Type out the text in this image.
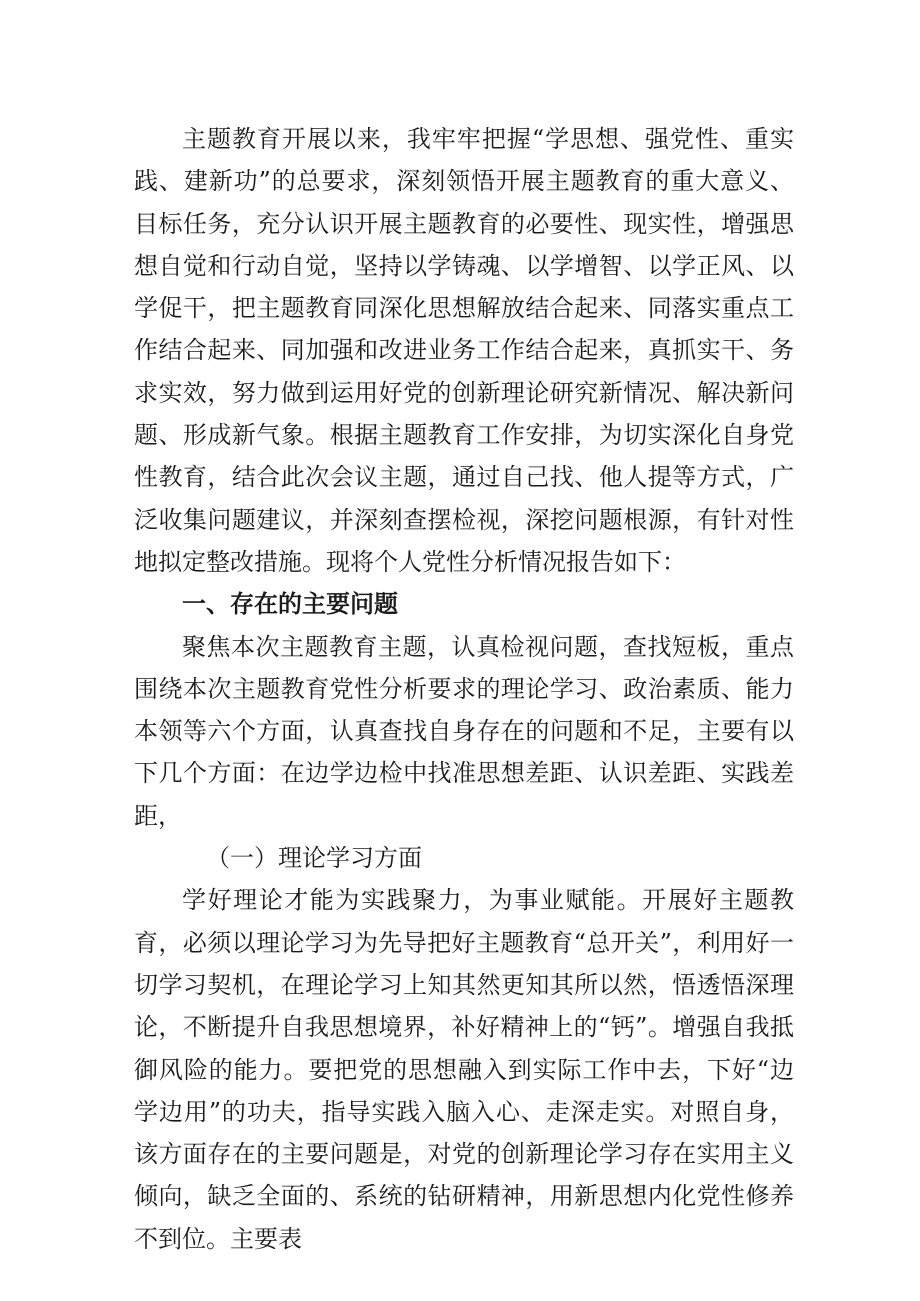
主题教育开展以来，我牢牢把握“学思想、强党性、重实践、建新功”的总要求，深刻领悟开展主题教育的重大意义、目标任务，充分认识开展主题教育的必要性、现实性，增强思想自觉和行动自觉，坚持以学铸魂、以学增智、以学正风、以学促干，把主题教育同深化思想解放结合起来、同落实重点工作结合起来、同加强和改进业务工作结合起来，真抓实干、务求实效，努力做到运用好党的创新理论研究新情况、解决新问题、形成新气象。根据主题教育工作安排，为切实深化自身党性教育，结合此次会议主题，通过自己找、他人提等方式，广泛收集问题建议，并深刻查摆检视，深挖问题根源，有针对性地拟定整改措施。现将个人党性分析情况报告如下：

一、存在的主要问题

聚焦本次主题教育主题，认真检视问题，查找短板，重点围绕本次主题教育党性分析要求的理论学习、政治素质、能力本领等六个方面，认真查找自身存在的问题和不足，主要有以下几个方面：在边学边检中找准思想差距、认识差距、实践差距，

（一）理论学习方面

学好理论才能为实践聚力，为事业赋能。开展好主题教育，必须以理论学习为先导把好主题教育“总开关”，利用好一切学习契机，在理论学习上知其然更知其所以然，悟透悟深理论，不断提升自我思想境界，补好精神上的“钙”。增强自我抵御风险的能力。要把党的思想融入到实际工作中去，下好“边学边用”的功夫，指导实践入脑入心、走深走实。对照自身，该方面存在的主要问题是，对党的创新理论学习存在实用主义倾向，缺乏全面的、系统的钻研精神，用新思想内化党性修养不到位。主要表
